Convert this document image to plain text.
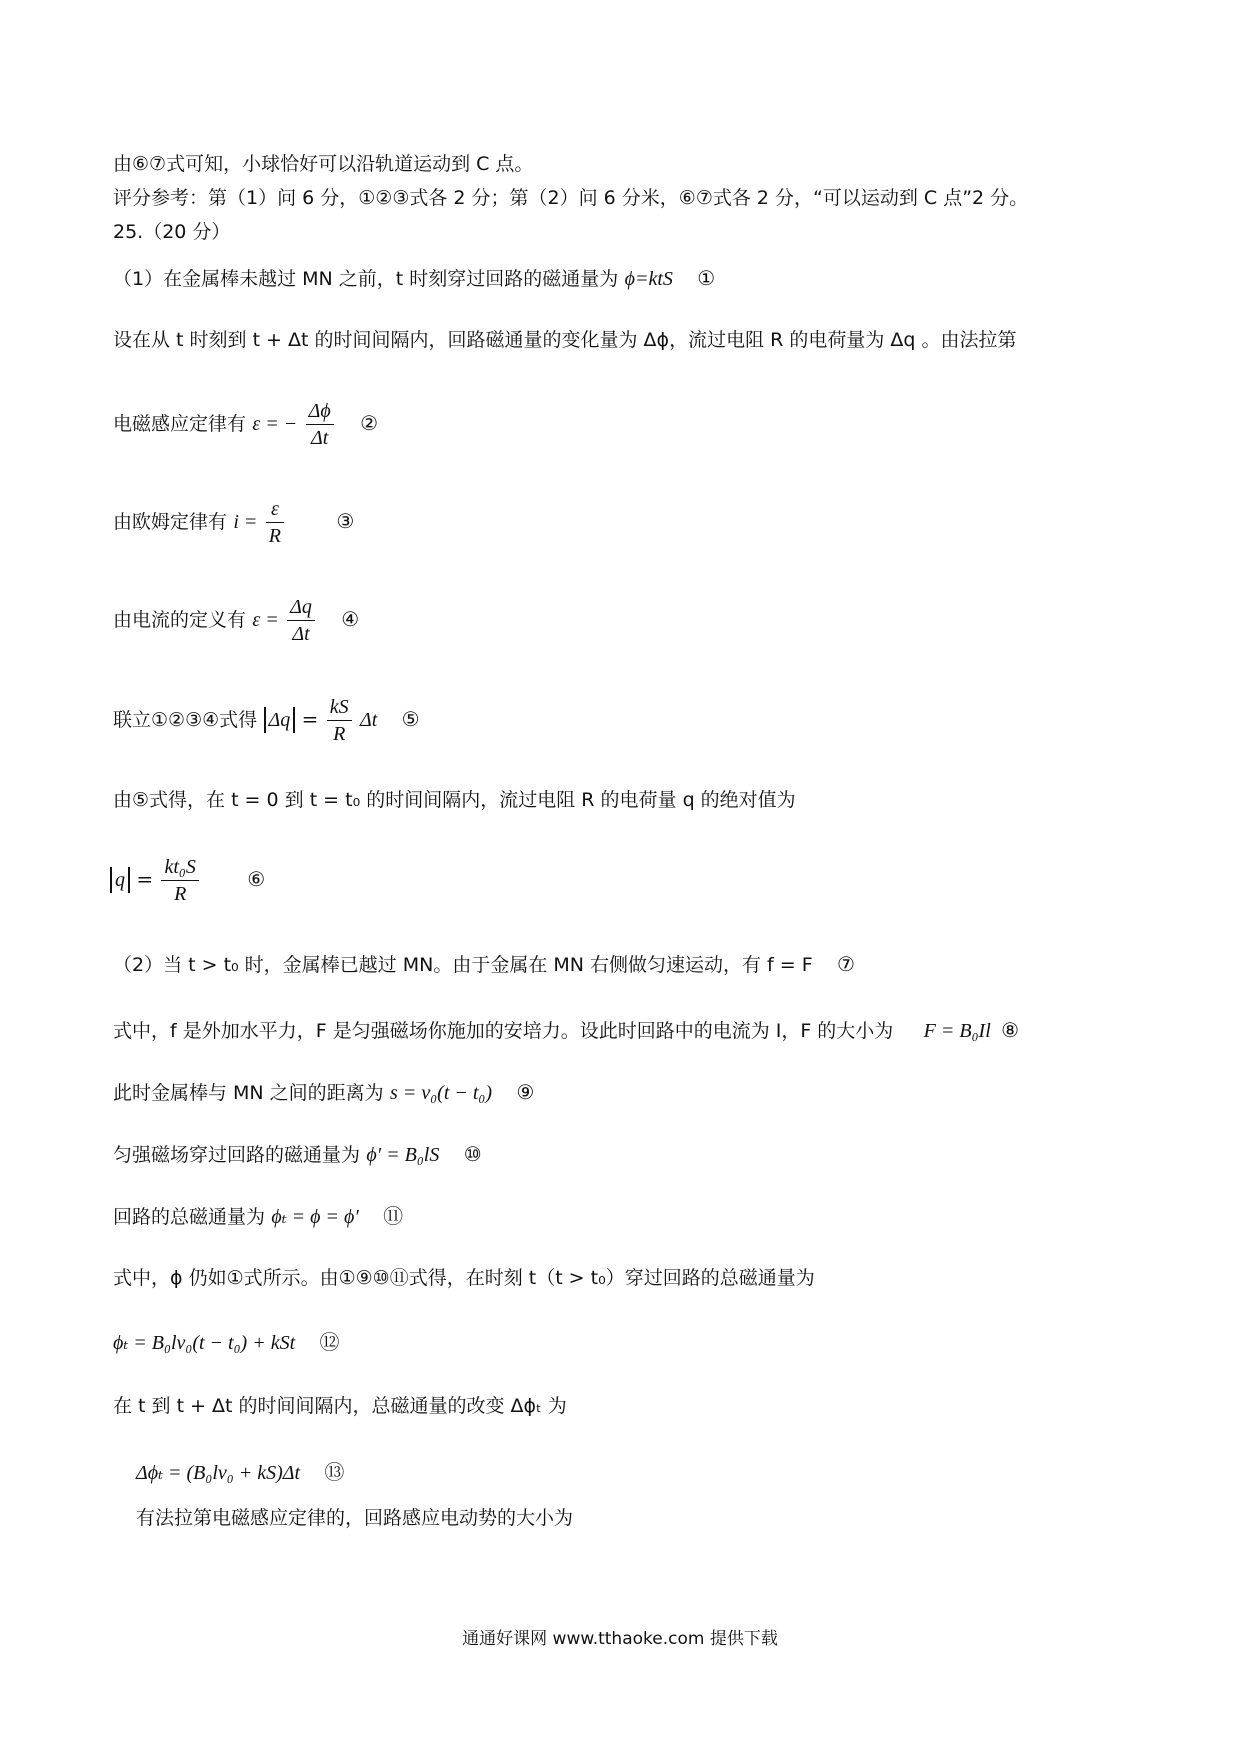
由⑥⑦式可知，小球恰好可以沿轨道运动到 C 点。
评分参考：第（1）问 6 分，①②③式各 2 分；第（2）问 6 分米，⑥⑦式各 2 分，“可以运动到 C 点”2 分。
25.（20 分）
（1）在金属棒未越过 MN 之前，t 时刻穿过回路的磁通量为 ϕ=ktS ①
设在从 t 时刻到 t + Δt 的时间间隔内，回路磁通量的变化量为 Δϕ，流过电阻 R 的电荷量为 Δq 。由法拉第
电磁感应定律有 ε = − $\frac{\Delta\phi}{\Delta t}$ ②
由欧姆定律有 $i = \frac{\varepsilon}{R}$	③
由电流的定义有 $\varepsilon = \frac{\Delta q}{\Delta t}$ ④
联立①②③④式得 $\Delta q = \frac{kS}{R}$ Δt ⑤
由⑤式得，在 t = 0 到 t = t₀ 的时间间隔内，流过电阻 R 的电荷量 q 的绝对值为
$q = \frac{\text{kt₀S}}{R}$ ⑥
（2）当 t > t₀ 时，金属棒已越过 MN。由于金属在 MN 右侧做匀速运动，有 f = F ⑦
式中，f 是外加水平力，F 是匀强磁场你施加的安培力。设此时回路中的电流为 I，F 的大小为 F = B₀Il ⑧
此时金属棒与 MN 之间的距离为 s = v₀(t − t₀) ⑨
匀强磁场穿过回路的磁通量为 ϕ′ = B₀lS ⑩
回路的总磁通量为 ϕₜ = ϕ = ϕ′ ⑪
式中，ϕ 仍如①式所示。由①⑨⑩⑪式得，在时刻 t（t > t₀）穿过回路的总磁通量为
ϕₜ = B₀lv₀(t − t₀) + kSt ⑫
在 t 到 t + Δt 的时间间隔内，总磁通量的改变 Δϕₜ 为
Δϕₜ = (B₀lv₀ + kS)Δt ⑬
有法拉第电磁感应定律的，回路感应电动势的大小为
通通好课网 www.tthaoke.com 提供下载
